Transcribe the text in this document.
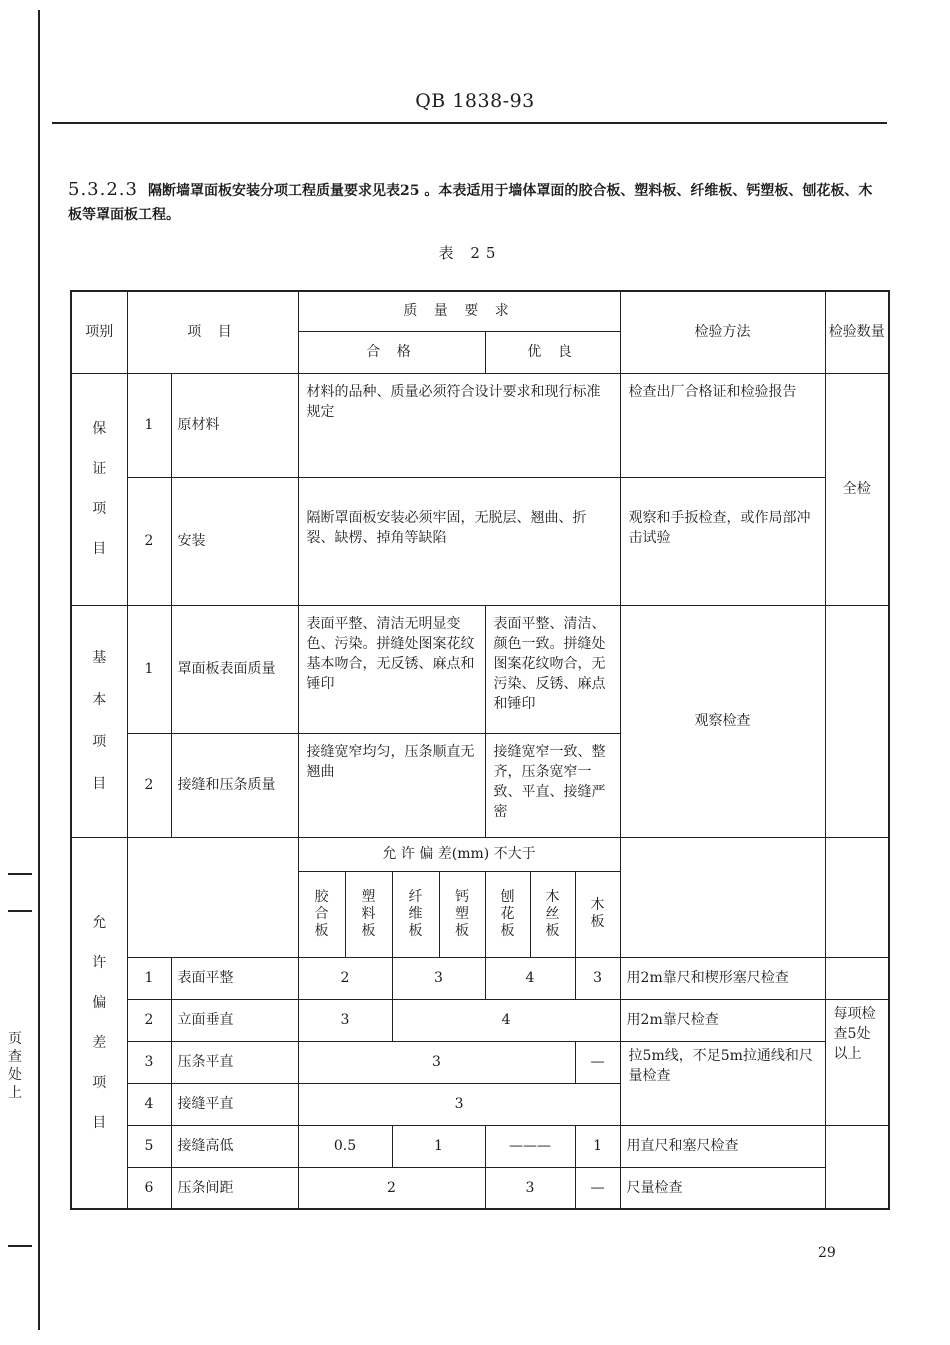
页查处上
QB 1838-93
5.3.2.3 隔断墙罩面板安装分项工程质量要求见表25 。本表适用于墙体罩面的胶合板、塑料板、纤维板、钙塑板、刨花板、木板等罩面板工程。
表 25
项别	项 目		质 量 要 求							检验方法	检验数量
			合 格				优 良				

保证项目	1	原材料	材料的品种、质量必须符合设计要求和现行标准规定							检查出厂合格证和检验报告	全检
	2	安装	隔断罩面板安装必须牢固，无脱层、翘曲、折裂、缺楞、掉角等缺陷							观察和手扳检查，或作局部冲击试验	

基本项目	1	罩面板表面质量	表面平整、清洁无明显变色、污染。拼缝处图案花纹基本吻合，无反锈、麻点和锤印				表面平整、清洁、颜色一致。拼缝处图案花纹吻合，无污染、反锈、麻点和锤印			观察检查	
	2	接缝和压条质量	接缝宽窄均匀，压条顺直无翘曲				接缝宽窄一致、整齐，压条宽窄一致、平直、接缝严密				

允许偏差项目			允 许 偏 差(mm) 不大于								

			胶合板	塑料板	纤维板	钙塑板	刨花板	木丝板	木板		

	1	表面平整	2		3		4		3	用2m靠尺和楔形塞尺检查	
	2	立面垂直	3		4					用2m靠尺检查	每项检查5处以上
	3	压条平直	3						—	拉5m线，不足5m拉通线和尺量检查	
	4	接缝平直	3								
	5	接缝高低	0.5		1		———		1	用直尺和塞尺检查	
	6	压条间距	2				3		—	尺量检查	
29
